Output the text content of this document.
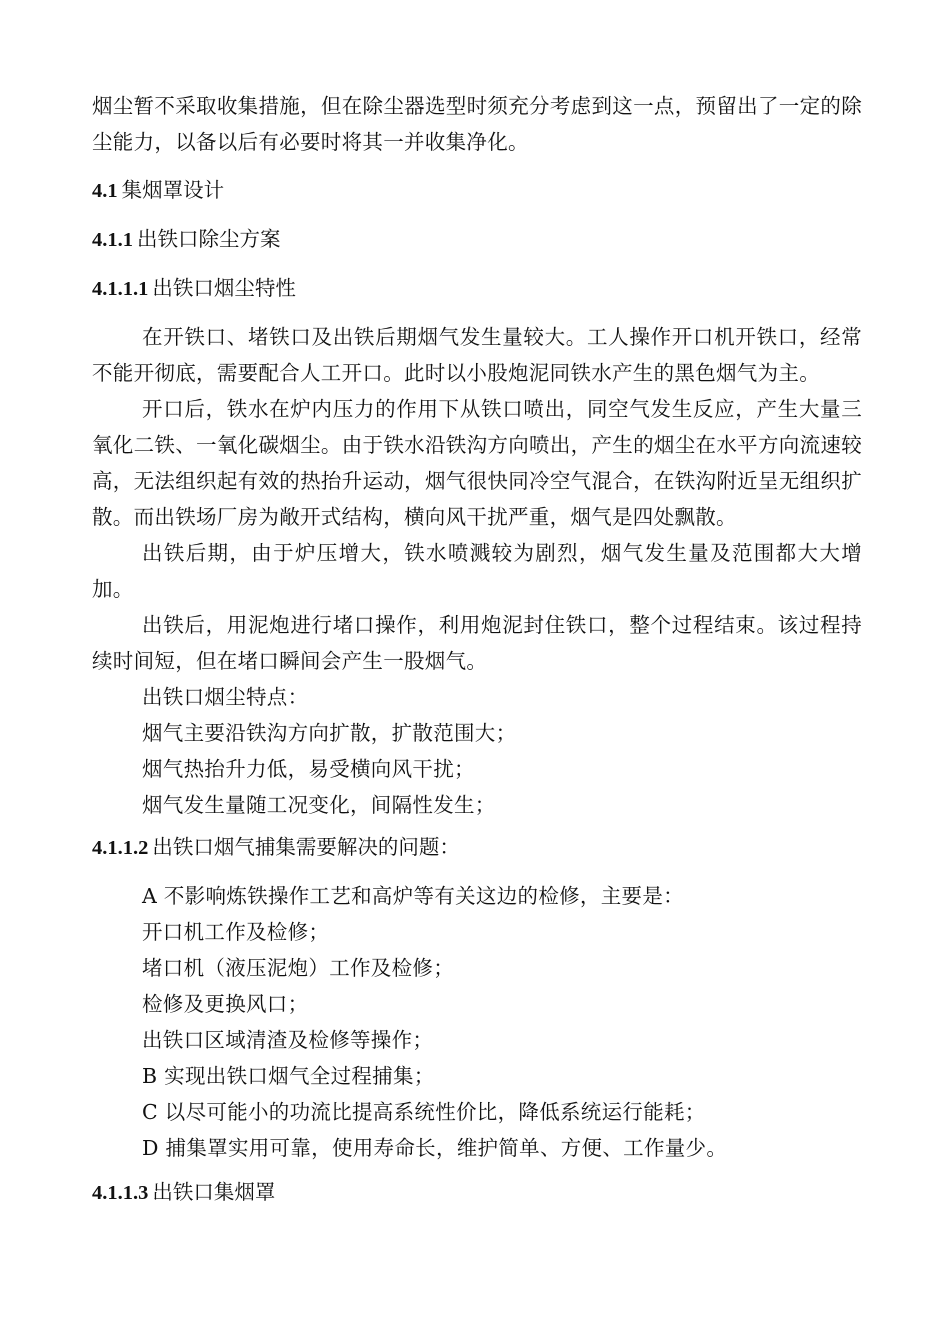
烟尘暂不采取收集措施，但在除尘器选型时须充分考虑到这一点，预留出了一定的除尘能力，以备以后有必要时将其一并收集净化。

4.1 集烟罩设计

4.1.1 出铁口除尘方案

4.1.1.1 出铁口烟尘特性

在开铁口、堵铁口及出铁后期烟气发生量较大。工人操作开口机开铁口，经常不能开彻底，需要配合人工开口。此时以小股炮泥同铁水产生的黑色烟气为主。

开口后，铁水在炉内压力的作用下从铁口喷出，同空气发生反应，产生大量三氧化二铁、一氧化碳烟尘。由于铁水沿铁沟方向喷出，产生的烟尘在水平方向流速较高，无法组织起有效的热抬升运动，烟气很快同冷空气混合，在铁沟附近呈无组织扩散。而出铁场厂房为敞开式结构，横向风干扰严重，烟气是四处飘散。

出铁后期，由于炉压增大，铁水喷溅较为剧烈，烟气发生量及范围都大大增加。

出铁后，用泥炮进行堵口操作，利用炮泥封住铁口，整个过程结束。该过程持续时间短，但在堵口瞬间会产生一股烟气。

出铁口烟尘特点：

烟气主要沿铁沟方向扩散，扩散范围大；

烟气热抬升力低，易受横向风干扰；

烟气发生量随工况变化，间隔性发生；

4.1.1.2 出铁口烟气捕集需要解决的问题：

A 不影响炼铁操作工艺和高炉等有关这边的检修，主要是：

开口机工作及检修；

堵口机（液压泥炮）工作及检修；

检修及更换风口；

出铁口区域清渣及检修等操作；

B 实现出铁口烟气全过程捕集；

C 以尽可能小的功流比提高系统性价比，降低系统运行能耗；

D 捕集罩实用可靠，使用寿命长，维护简单、方便、工作量少。

4.1.1.3 出铁口集烟罩
